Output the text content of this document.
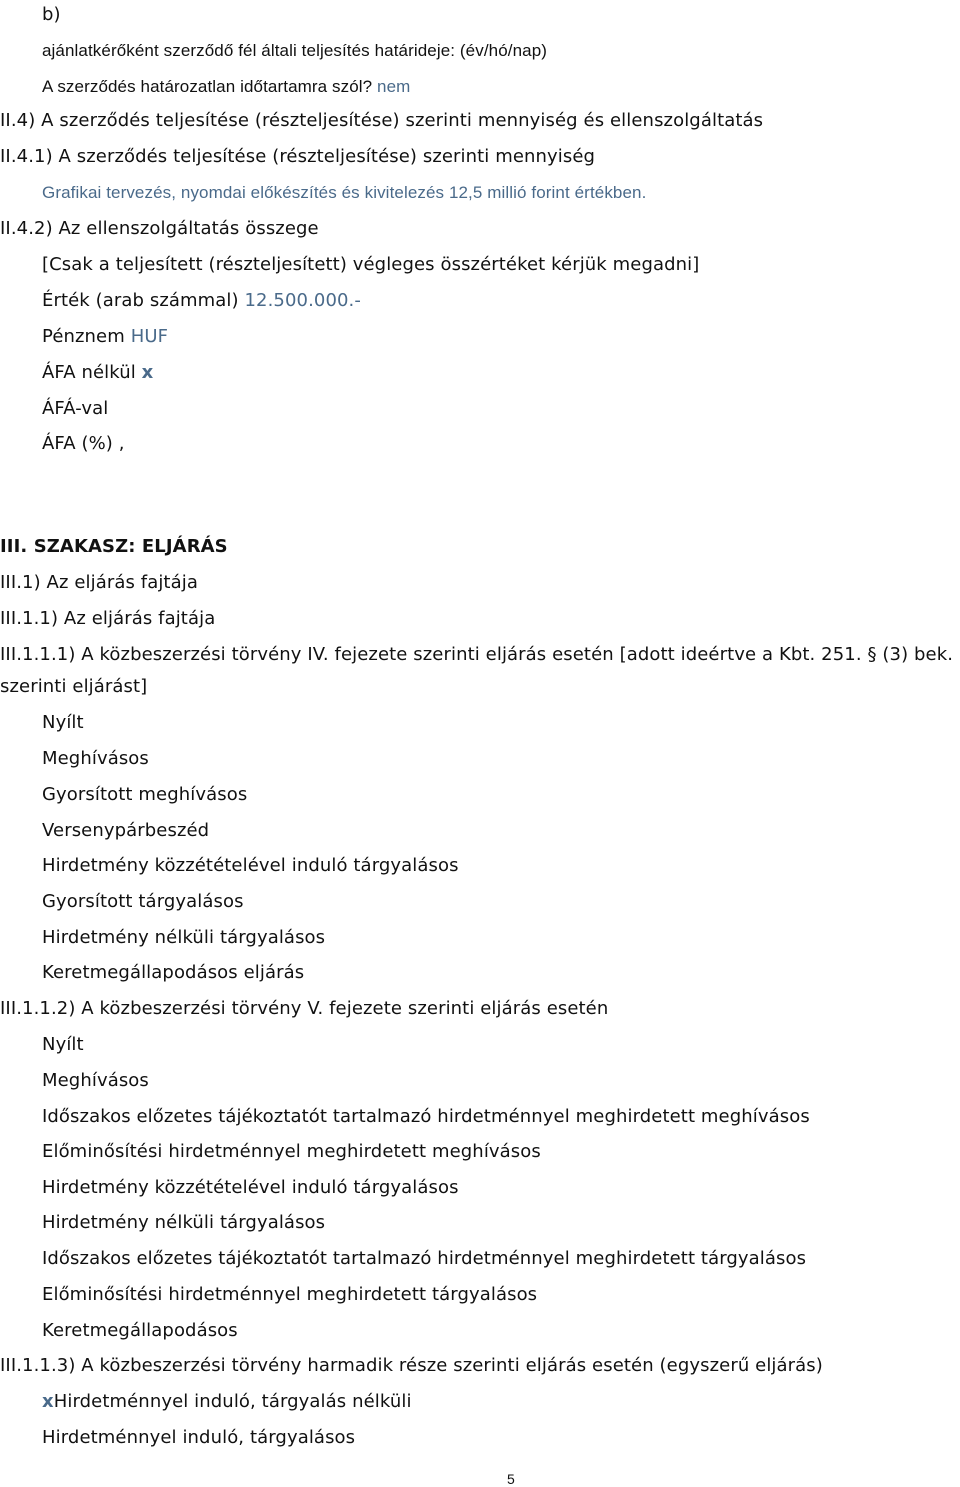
b)
ajánlatkérőként szerződő fél általi teljesítés határideje: (év/hó/nap)
A szerződés határozatlan időtartamra szól? nem
II.4) A szerződés teljesítése (részteljesítése) szerinti mennyiség és ellenszolgáltatás
II.4.1) A szerződés teljesítése (részteljesítése) szerinti mennyiség
Grafikai tervezés, nyomdai előkészítés és kivitelezés 12,5 millió forint értékben.
II.4.2) Az ellenszolgáltatás összege
[Csak a teljesített (részteljesített) végleges összértéket kérjük megadni]
Érték (arab számmal) 12.500.000.-
Pénznem HUF
ÁFA nélkül x
ÁFÁ-val
ÁFA (%) ,
III. SZAKASZ: ELJÁRÁS
III.1) Az eljárás fajtája
III.1.1) Az eljárás fajtája
III.1.1.1) A közbeszerzési törvény IV. fejezete szerinti eljárás esetén [adott ideértve a Kbt. 251. § (3) bek.
szerinti eljárást]
Nyílt
Meghívásos
Gyorsított meghívásos
Versenypárbeszéd
Hirdetmény közzétételével induló tárgyalásos
Gyorsított tárgyalásos
Hirdetmény nélküli tárgyalásos
Keretmegállapodásos eljárás
III.1.1.2) A közbeszerzési törvény V. fejezete szerinti eljárás esetén
Nyílt
Meghívásos
Időszakos előzetes tájékoztatót tartalmazó hirdetménnyel meghirdetett meghívásos
Előminősítési hirdetménnyel meghirdetett meghívásos
Hirdetmény közzétételével induló tárgyalásos
Hirdetmény nélküli tárgyalásos
Időszakos előzetes tájékoztatót tartalmazó hirdetménnyel meghirdetett tárgyalásos
Előminősítési hirdetménnyel meghirdetett tárgyalásos
Keretmegállapodásos
III.1.1.3) A közbeszerzési törvény harmadik része szerinti eljárás esetén (egyszerű eljárás)
xHirdetménnyel induló, tárgyalás nélküli
Hirdetménnyel induló, tárgyalásos
5
